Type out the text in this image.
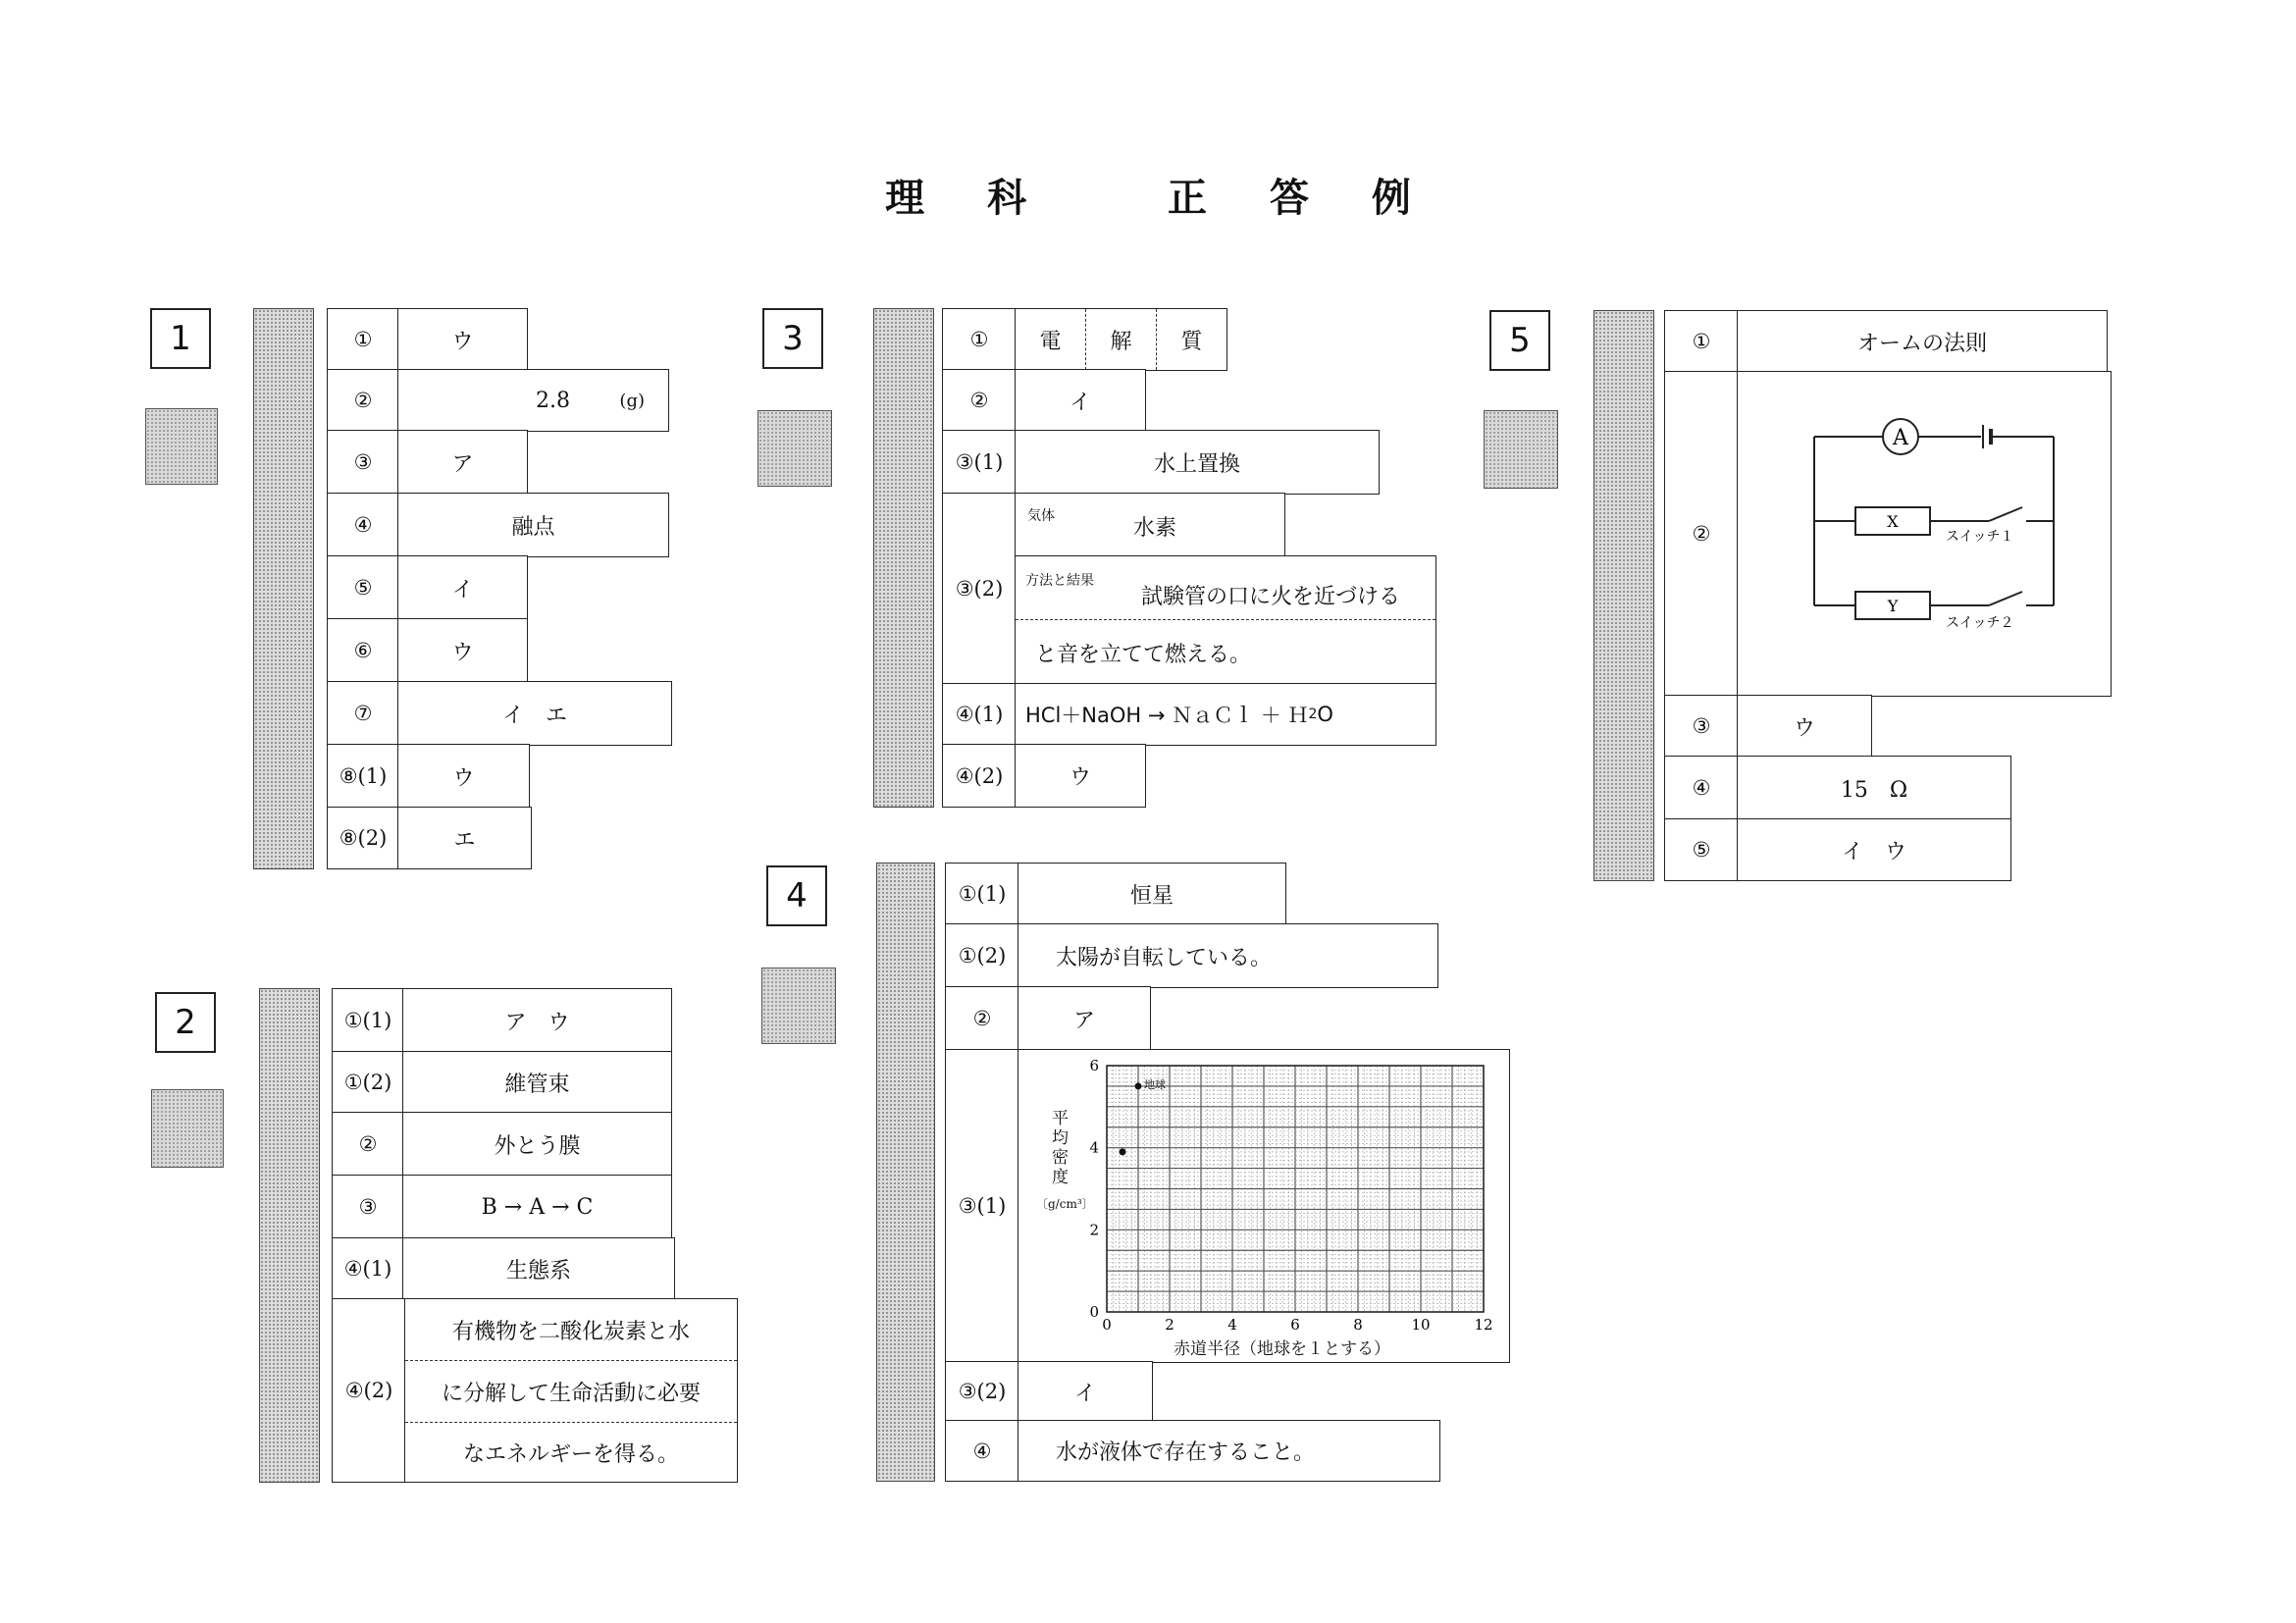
理 科	正 答 例
1	①	ウ
②	2.8	(g)
③	ア
④	融点
⑤	イ
⑥	ウ
⑦	イ　エ
⑧(1)	ウ
⑧(2)	エ
2	①(1)	ア　ウ
①(2)	維管束
②	外とう膜
③	B → A → C
④(1)	生態系
④(2)
有機物を二酸化炭素と水
に分解して生命活動に必要
なエネルギーを得る。
3	①	電	解	質
②	イ
③(1)	水上置換
③(2)
気体	水素
方法と結果
試験管の口に火を近づける
と音を立てて燃える。
④(1)	HCl＋NaOH → ＮａＣｌ ＋ Ｈ 2 O
④(2)	ウ
4	①(1)	恒星
①(2)	太陽が自転している。
②	ア
③(1)
0	2	4	6	8	10	12
0
2
4
6
地球
平均密度
〔g/cm³〕
赤道半径（地球を１とする）
③(2)	イ
④	水が液体で存在すること。
5	①	オームの法則
②
A
X
スイッチ１
Y
スイッチ２
③	ウ
④	15　Ω
⑤	イ　ウ
